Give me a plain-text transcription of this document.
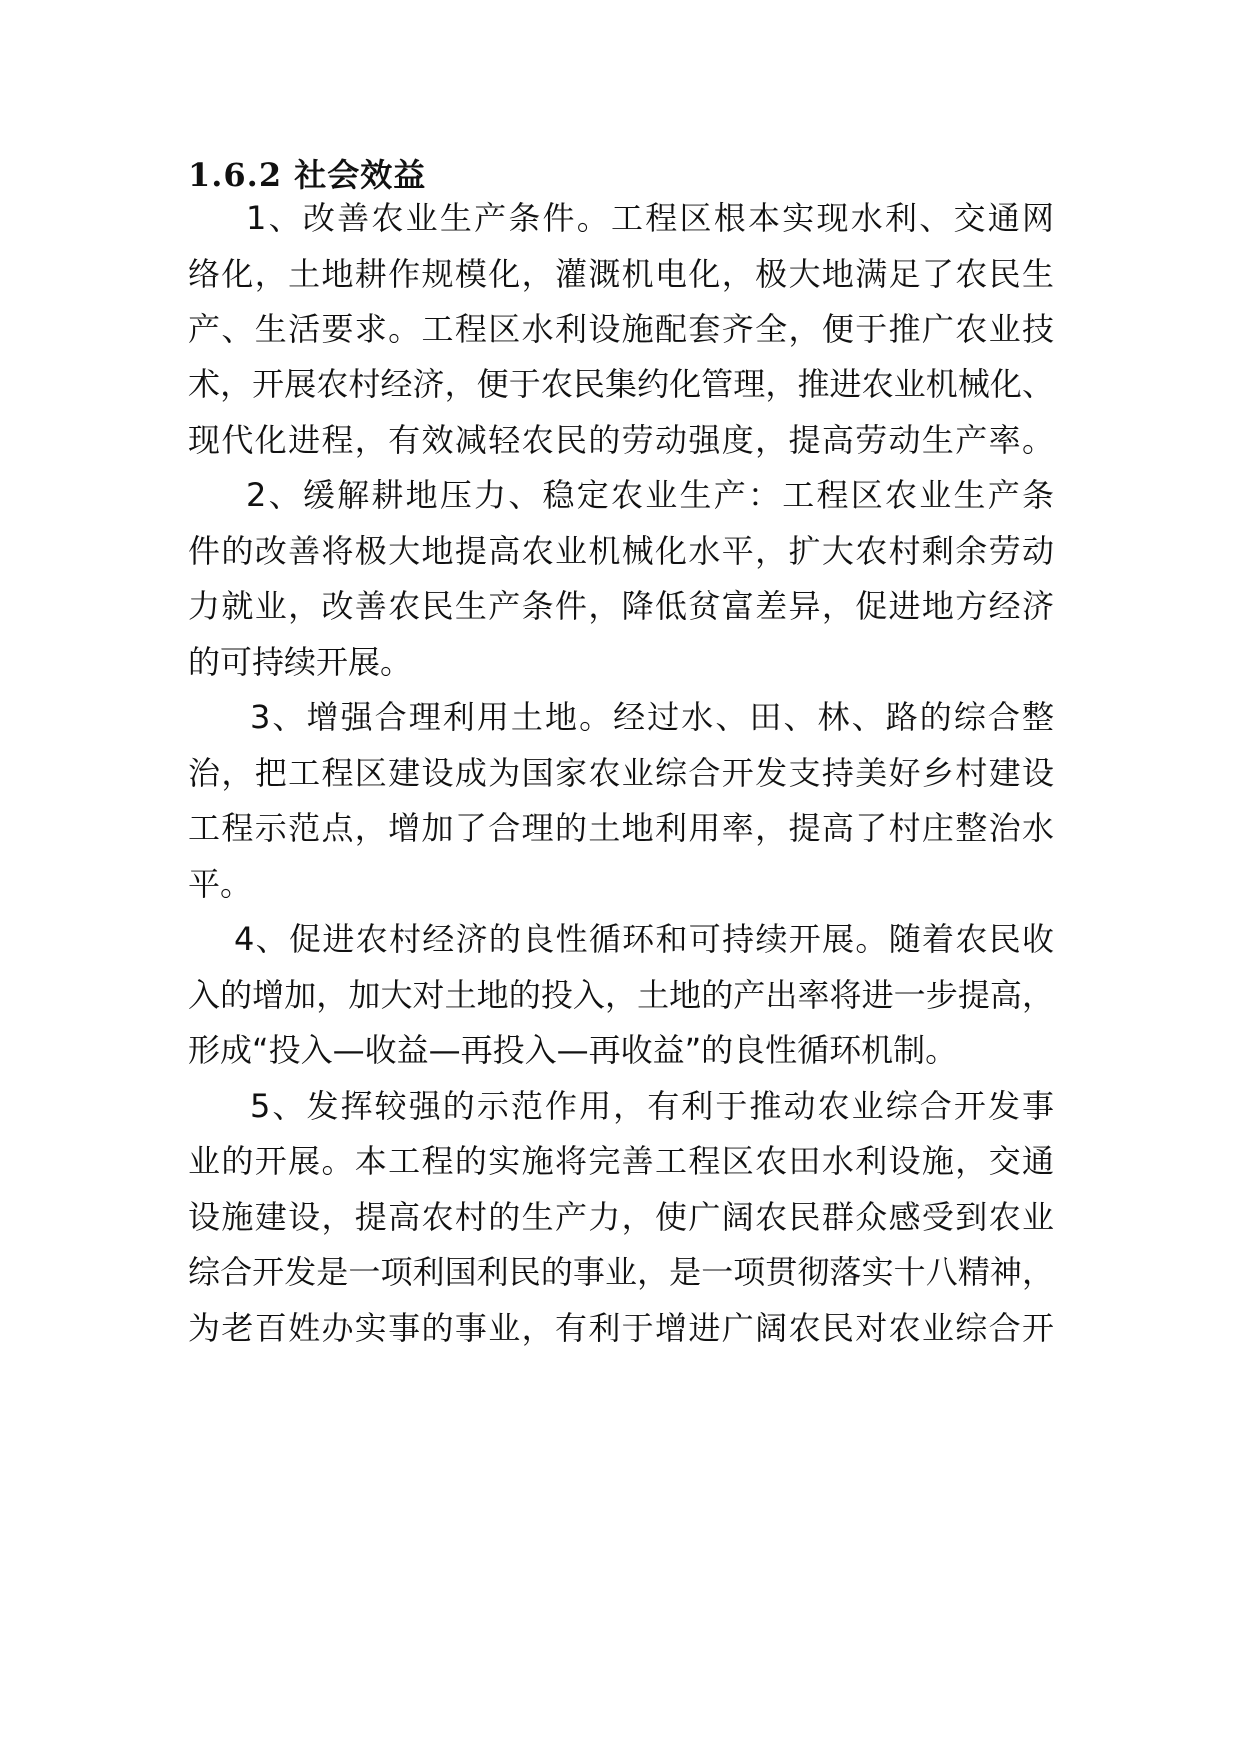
1.6.2 社会效益
1、改善农业生产条件。工程区根本实现水利、交通网
络化，土地耕作规模化，灌溉机电化，极大地满足了农民生
产、生活要求。工程区水利设施配套齐全，便于推广农业技
术，开展农村经济，便于农民集约化管理，推进农业机械化、
现代化进程，有效减轻农民的劳动强度，提高劳动生产率。
2、缓解耕地压力、稳定农业生产：工程区农业生产条
件的改善将极大地提高农业机械化水平，扩大农村剩余劳动
力就业，改善农民生产条件，降低贫富差异，促进地方经济
的可持续开展。
3、增强合理利用土地。经过水、田、林、路的综合整
治，把工程区建设成为国家农业综合开发支持美好乡村建设
工程示范点，增加了合理的土地利用率，提高了村庄整治水
平。
4、促进农村经济的良性循环和可持续开展。随着农民收
入的增加，加大对土地的投入，土地的产出率将进一步提高，
形成“投入—收益—再投入—再收益”的良性循环机制。
5、发挥较强的示范作用，有利于推动农业综合开发事
业的开展。本工程的实施将完善工程区农田水利设施，交通
设施建设，提高农村的生产力，使广阔农民群众感受到农业
综合开发是一项利国利民的事业，是一项贯彻落实十八精神，
为老百姓办实事的事业，有利于增进广阔农民对农业综合开
